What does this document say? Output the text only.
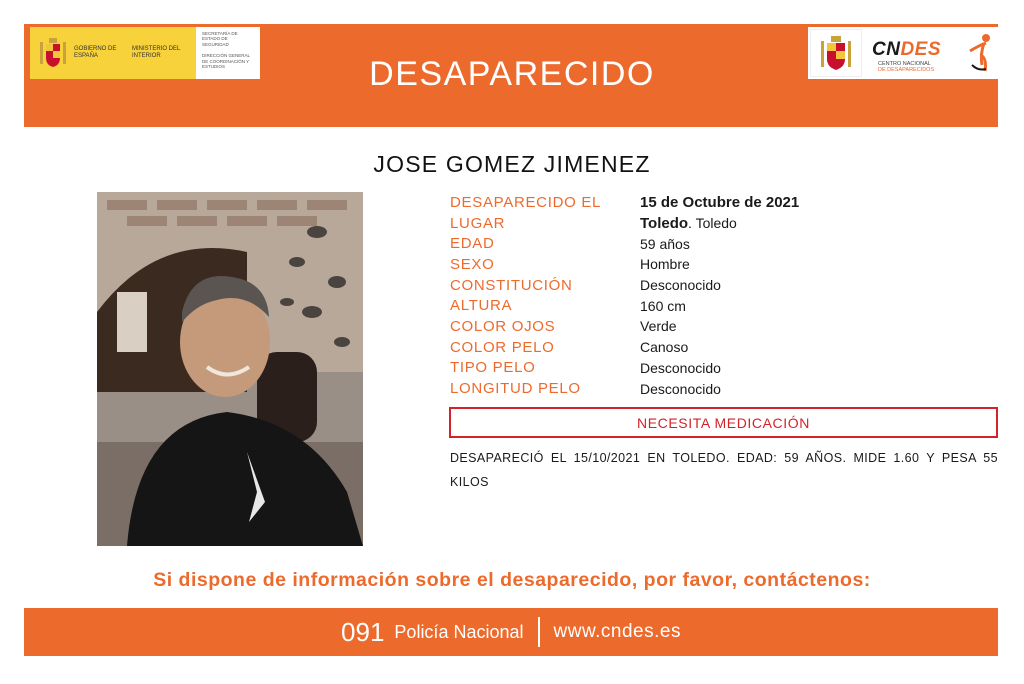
GOBIERNO DE ESPAÑA
MINISTERIO DEL INTERIOR
SECRETARÍA DE ESTADO DE SEGURIDAD
DIRECCIÓN GENERAL DE COORDINACIÓN Y ESTUDIOS
CNDES
CENTRO NACIONAL
DE DESAPARECIDOS
DESAPARECIDO
JOSE GOMEZ JIMENEZ
DESAPARECIDO EL	15 de Octubre de 2021
LUGAR	Toledo. Toledo
EDAD	59 años
SEXO	Hombre
CONSTITUCIÓN	Desconocido
ALTURA	160 cm
COLOR OJOS	Verde
COLOR PELO	Canoso
TIPO PELO	Desconocido
LONGITUD PELO	Desconocido
NECESITA MEDICACIÓN
DESAPARECIÓ EL 15/10/2021 EN TOLEDO. EDAD: 59 AÑOS. MIDE 1.60 Y PESA 55 KILOS
Si dispone de información sobre el desaparecido, por favor, contáctenos:
091 Policía Nacional www.cndes.es
